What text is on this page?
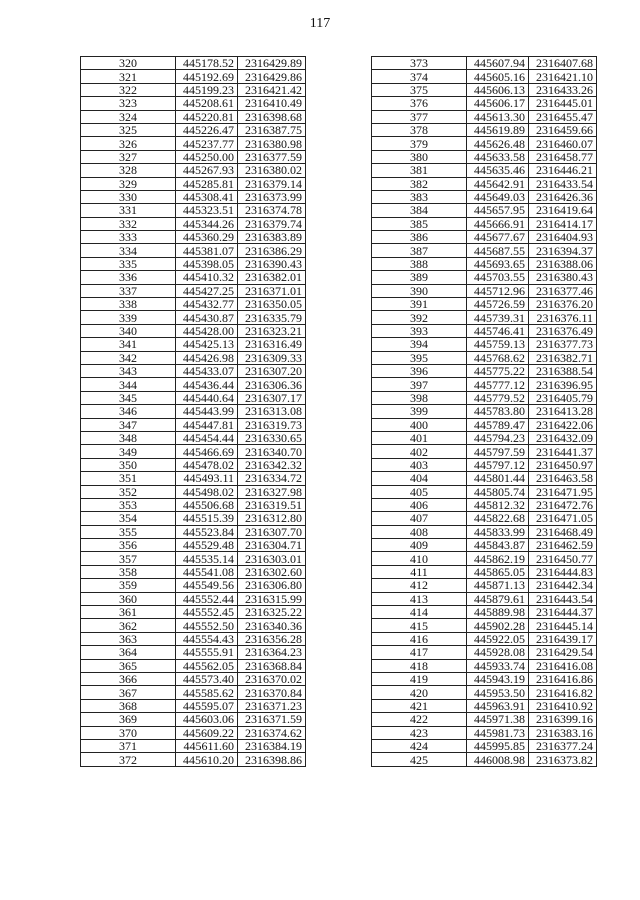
117
320	445178.52	2316429.89
321	445192.69	2316429.86
322	445199.23	2316421.42
323	445208.61	2316410.49
324	445220.81	2316398.68
325	445226.47	2316387.75
326	445237.77	2316380.98
327	445250.00	2316377.59
328	445267.93	2316380.02
329	445285.81	2316379.14
330	445308.41	2316373.99
331	445323.51	2316374.78
332	445344.26	2316379.74
333	445360.29	2316383.89
334	445381.07	2316386.29
335	445398.05	2316390.43
336	445410.32	2316382.01
337	445427.25	2316371.01
338	445432.77	2316350.05
339	445430.87	2316335.79
340	445428.00	2316323.21
341	445425.13	2316316.49
342	445426.98	2316309.33
343	445433.07	2316307.20
344	445436.44	2316306.36
345	445440.64	2316307.17
346	445443.99	2316313.08
347	445447.81	2316319.73
348	445454.44	2316330.65
349	445466.69	2316340.70
350	445478.02	2316342.32
351	445493.11	2316334.72
352	445498.02	2316327.98
353	445506.68	2316319.51
354	445515.39	2316312.80
355	445523.84	2316307.70
356	445529.48	2316304.71
357	445535.14	2316303.01
358	445541.08	2316302.60
359	445549.56	2316306.80
360	445552.44	2316315.99
361	445552.45	2316325.22
362	445552.50	2316340.36
363	445554.43	2316356.28
364	445555.91	2316364.23
365	445562.05	2316368.84
366	445573.40	2316370.02
367	445585.62	2316370.84
368	445595.07	2316371.23
369	445603.06	2316371.59
370	445609.22	2316374.62
371	445611.60	2316384.19
372	445610.20	2316398.86
373	445607.94	2316407.68
374	445605.16	2316421.10
375	445606.13	2316433.26
376	445606.17	2316445.01
377	445613.30	2316455.47
378	445619.89	2316459.66
379	445626.48	2316460.07
380	445633.58	2316458.77
381	445635.46	2316446.21
382	445642.91	2316433.54
383	445649.03	2316426.36
384	445657.95	2316419.64
385	445666.91	2316414.17
386	445677.67	2316404.93
387	445687.55	2316394.37
388	445693.65	2316388.06
389	445703.55	2316380.43
390	445712.96	2316377.46
391	445726.59	2316376.20
392	445739.31	2316376.11
393	445746.41	2316376.49
394	445759.13	2316377.73
395	445768.62	2316382.71
396	445775.22	2316388.54
397	445777.12	2316396.95
398	445779.52	2316405.79
399	445783.80	2316413.28
400	445789.47	2316422.06
401	445794.23	2316432.09
402	445797.59	2316441.37
403	445797.12	2316450.97
404	445801.44	2316463.58
405	445805.74	2316471.95
406	445812.32	2316472.76
407	445822.68	2316471.05
408	445833.99	2316468.49
409	445843.87	2316462.59
410	445862.19	2316450.77
411	445865.05	2316444.83
412	445871.13	2316442.34
413	445879.61	2316443.54
414	445889.98	2316444.37
415	445902.28	2316445.14
416	445922.05	2316439.17
417	445928.08	2316429.54
418	445933.74	2316416.08
419	445943.19	2316416.86
420	445953.50	2316416.82
421	445963.91	2316410.92
422	445971.38	2316399.16
423	445981.73	2316383.16
424	445995.85	2316377.24
425	446008.98	2316373.82
